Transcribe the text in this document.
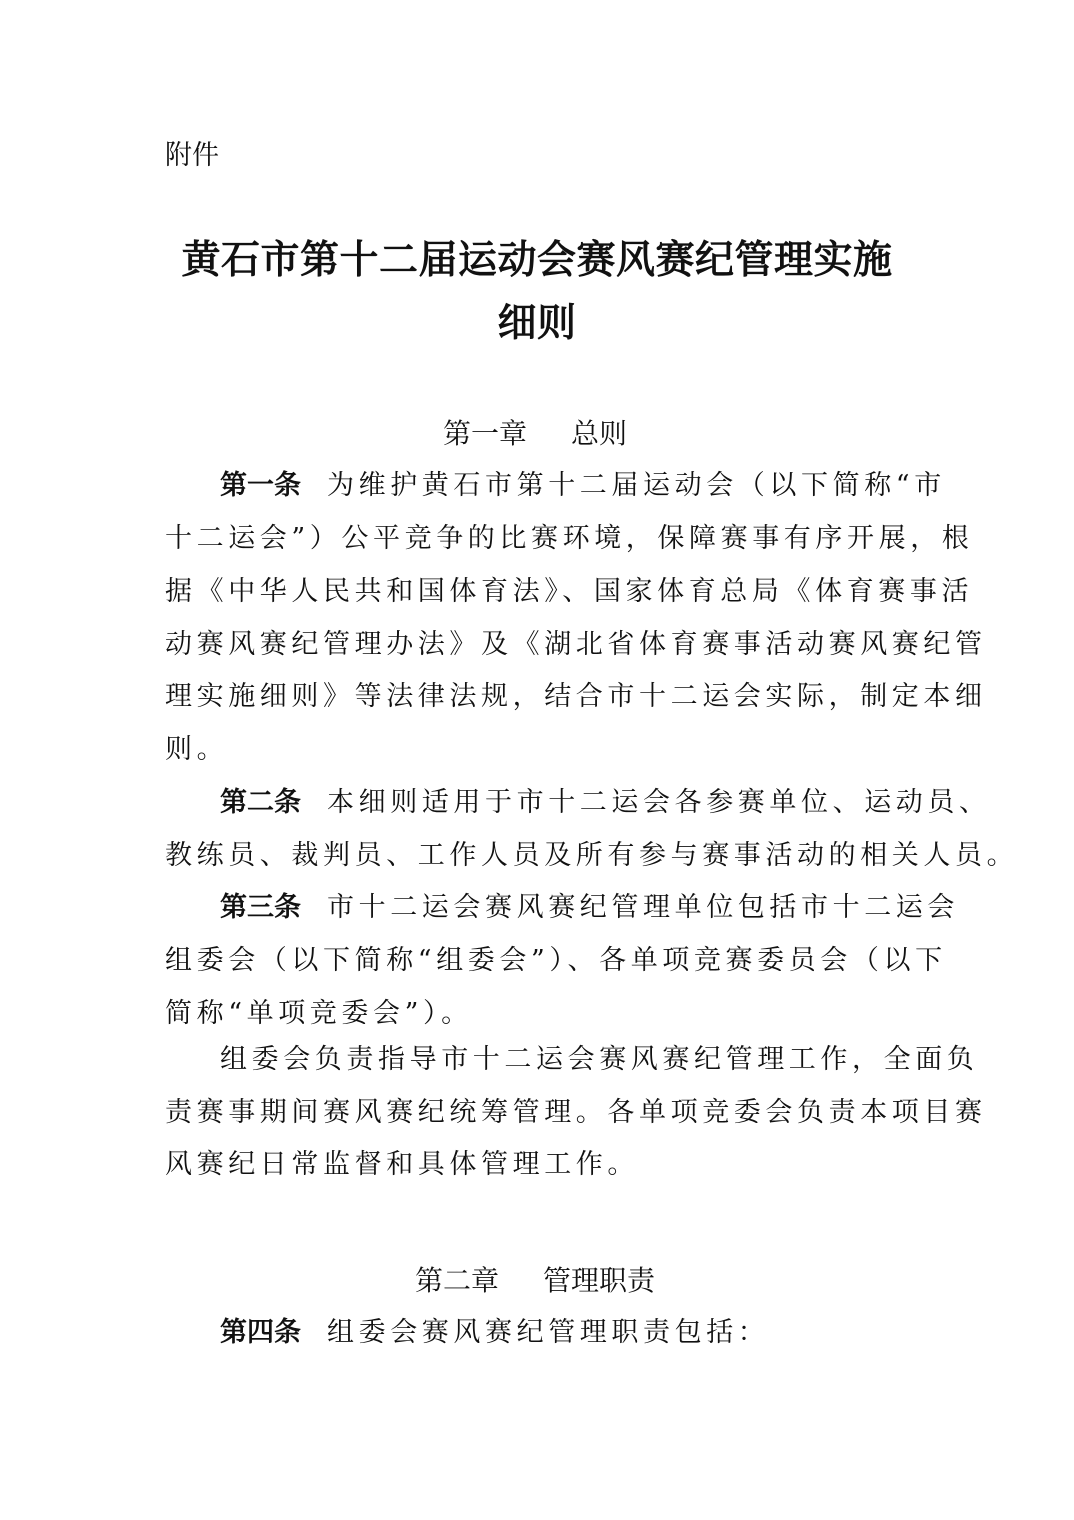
附件
黄石市第十二届运动会赛风赛纪管理实施
细则
第一章 总则
第一条 为维护黄石市第十二届运动会（以下简称“市
十二运会”）公平竞争的比赛环境，保障赛事有序开展，根
据《中华人民共和国体育法》、国家体育总局《体育赛事活
动赛风赛纪管理办法》及《湖北省体育赛事活动赛风赛纪管
理实施细则》等法律法规，结合市十二运会实际，制定本细
则。
第二条 本细则适用于市十二运会各参赛单位、运动员、
教练员、裁判员、工作人员及所有参与赛事活动的相关人员。
第三条 市十二运会赛风赛纪管理单位包括市十二运会
组委会（以下简称“组委会”）、各单项竞赛委员会（以下
简称“单项竞委会”）。
组委会负责指导市十二运会赛风赛纪管理工作，全面负
责赛事期间赛风赛纪统筹管理。各单项竞委会负责本项目赛
风赛纪日常监督和具体管理工作。
第二章 管理职责
第四条 组委会赛风赛纪管理职责包括：
